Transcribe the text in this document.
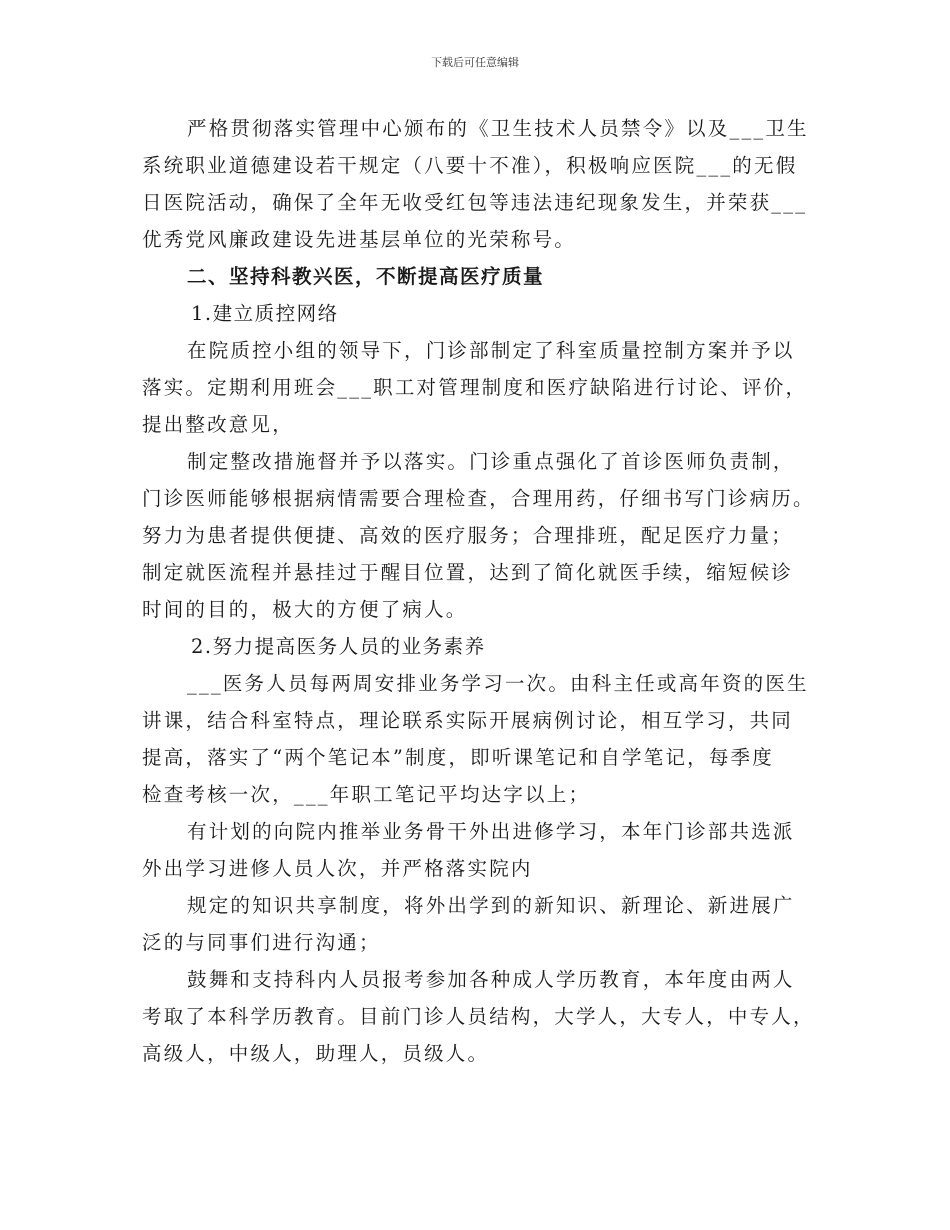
下载后可任意编辑
严格贯彻落实管理中心颁布的《卫生技术人员禁令》以及___卫生
系统职业道德建设若干规定（八要十不准），积极响应医院___的无假
日医院活动，确保了全年无收受红包等违法违纪现象发生，并荣获___
优秀党风廉政建设先进基层单位的光荣称号。
二、坚持科教兴医，不断提高医疗质量
1.建立质控网络
在院质控小组的领导下，门诊部制定了科室质量控制方案并予以
落实。定期利用班会___职工对管理制度和医疗缺陷进行讨论、评价，
提出整改意见，
制定整改措施督并予以落实。门诊重点强化了首诊医师负责制，
门诊医师能够根据病情需要合理检查，合理用药，仔细书写门诊病历。
努力为患者提供便捷、高效的医疗服务；合理排班，配足医疗力量；
制定就医流程并悬挂过于醒目位置，达到了简化就医手续，缩短候诊
时间的目的，极大的方便了病人。
2.努力提高医务人员的业务素养
___医务人员每两周安排业务学习一次。由科主任或高年资的医生
讲课，结合科室特点，理论联系实际开展病例讨论，相互学习，共同
提高，落实了“两个笔记本”制度，即听课笔记和自学笔记，每季度
检查考核一次，___年职工笔记平均达字以上；
有计划的向院内推举业务骨干外出进修学习，本年门诊部共选派
外出学习进修人员人次，并严格落实院内
规定的知识共享制度，将外出学到的新知识、新理论、新进展广
泛的与同事们进行沟通；
鼓舞和支持科内人员报考参加各种成人学历教育，本年度由两人
考取了本科学历教育。目前门诊人员结构，大学人，大专人，中专人，
高级人，中级人，助理人，员级人。
